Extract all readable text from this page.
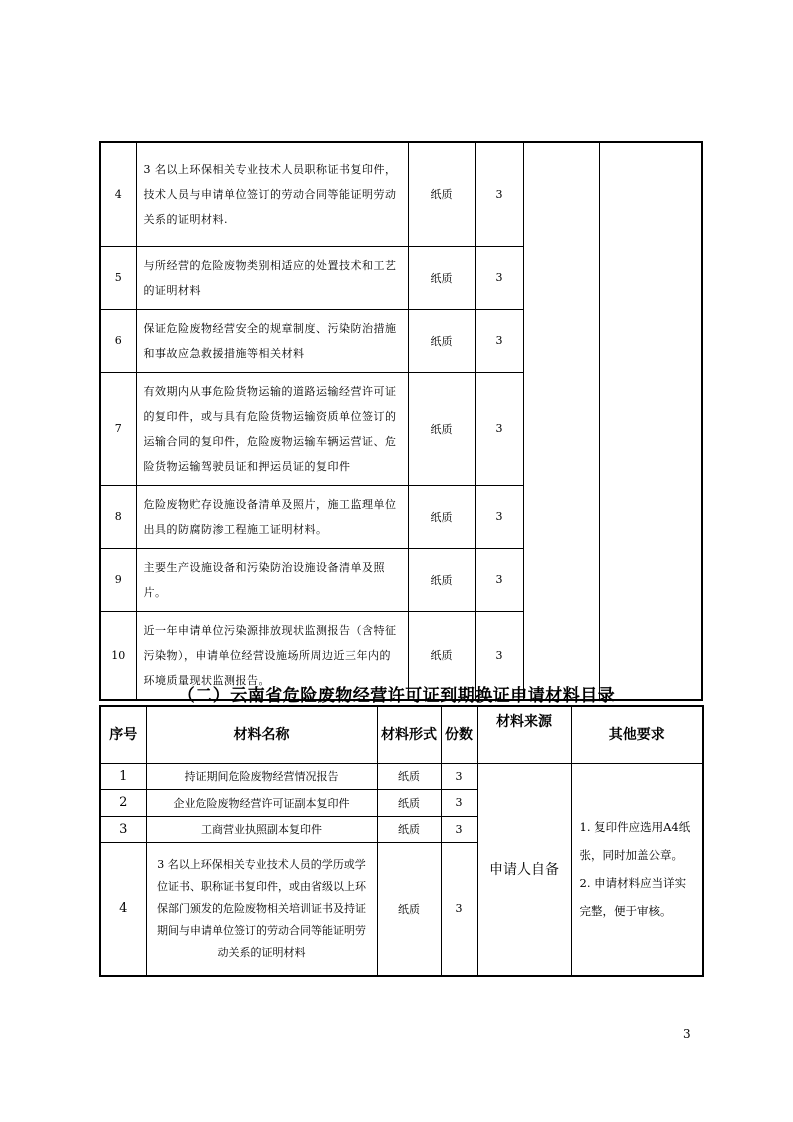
4	3 名以上环保相关专业技术人员职称证书复印件，技术人员与申请单位签订的劳动合同等能证明劳动关系的证明材料.	纸质	3		
5	与所经营的危险废物类别相适应的处置技术和工艺的证明材料	纸质	3		
6	保证危险废物经营安全的规章制度、污染防治措施和事故应急救援措施等相关材料	纸质	3		
7	有效期内从事危险货物运输的道路运输经营许可证的复印件，或与具有危险货物运输资质单位签订的运输合同的复印件，危险废物运输车辆运营证、危险货物运输驾驶员证和押运员证的复印件	纸质	3		
8	危险废物贮存设施设备清单及照片，施工监理单位出具的防腐防渗工程施工证明材料。	纸质	3		
9	主要生产设施设备和污染防治设施设备清单及照片。	纸质	3		
10	近一年申请单位污染源排放现状监测报告（含特征污染物），申请单位经营设施场所周边近三年内的环境质量现状监测报告。	纸质	3		
（二）云南省危险废物经营许可证到期换证申请材料目录
序号	材料名称	材料形式	份数	材料来源	其他要求
1	持证期间危险废物经营情况报告	纸质	3	申请人自备	1. 复印件应选用A4纸张，同时加盖公章。
2. 申请材料应当详实完整，便于审核。

2	企业危险废物经营许可证副本复印件	纸质	3		
3	工商营业执照副本复印件	纸质	3		
4	3 名以上环保相关专业技术人员的学历或学位证书、职称证书复印件，或由省级以上环保部门颁发的危险废物相关培训证书及持证期间与申请单位签订的劳动合同等能证明劳动关系的证明材料	纸质	3		
3
